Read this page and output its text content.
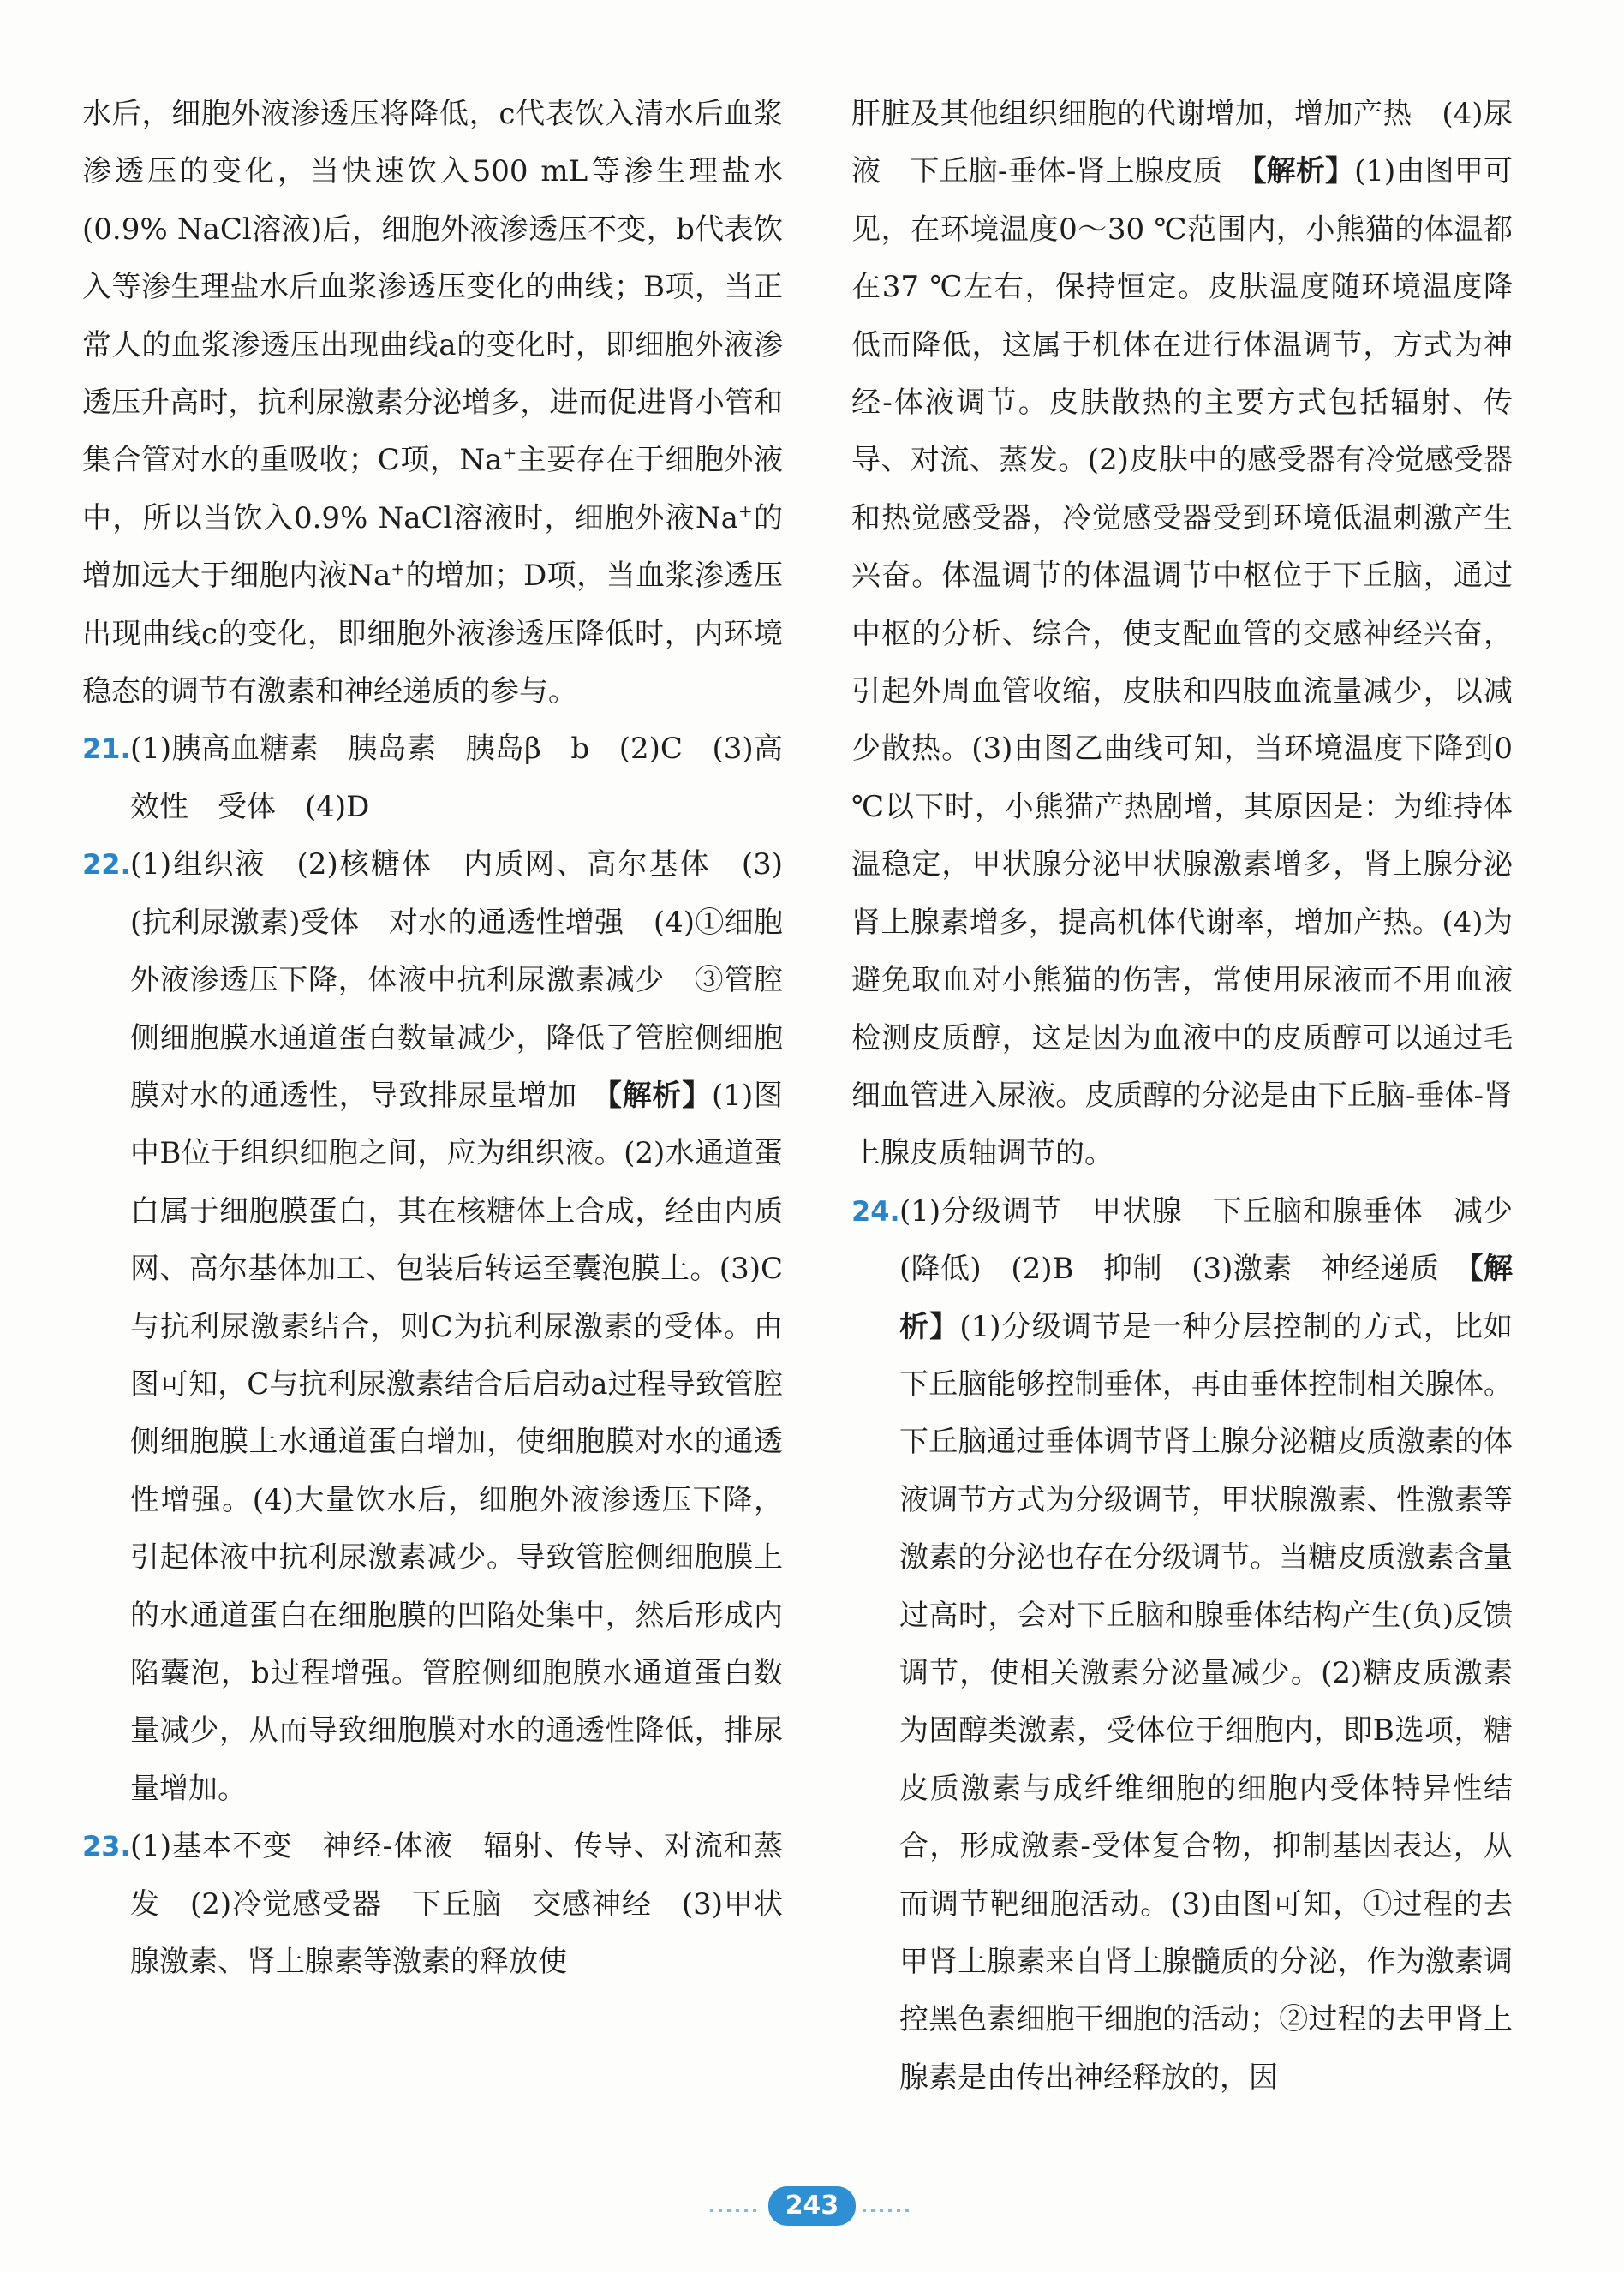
水后，细胞外液渗透压将降低，c代表饮入清水后血浆渗透压的变化，当快速饮入500 mL等渗生理盐水(0.9% NaCl溶液)后，细胞外液渗透压不变，b代表饮入等渗生理盐水后血浆渗透压变化的曲线；B项，当正常人的血浆渗透压出现曲线a的变化时，即细胞外液渗透压升高时，抗利尿激素分泌增多，进而促进肾小管和集合管对水的重吸收；C项，Na+主要存在于细胞外液中，所以当饮入0.9% NaCl溶液时，细胞外液Na+的增加远大于细胞内液Na+的增加；D项，当血浆渗透压出现曲线c的变化，即细胞外液渗透压降低时，内环境稳态的调节有激素和神经递质的参与。

21. (1)胰高血糖素　胰岛素　胰岛β　b　(2)C　(3)高效性　受体　(4)D

22. (1)组织液　(2)核糖体　内质网、高尔基体　(3)(抗利尿激素)受体　对水的通透性增强　(4)①细胞外液渗透压下降，体液中抗利尿激素减少　③管腔侧细胞膜水通道蛋白数量减少，降低了管腔侧细胞膜对水的通透性，导致排尿量增加　【解析】(1)图中B位于组织细胞之间，应为组织液。(2)水通道蛋白属于细胞膜蛋白，其在核糖体上合成，经由内质网、高尔基体加工、包装后转运至囊泡膜上。(3)C与抗利尿激素结合，则C为抗利尿激素的受体。由图可知，C与抗利尿激素结合后启动a过程导致管腔侧细胞膜上水通道蛋白增加，使细胞膜对水的通透性增强。(4)大量饮水后，细胞外液渗透压下降，引起体液中抗利尿激素减少。导致管腔侧细胞膜上的水通道蛋白在细胞膜的凹陷处集中，然后形成内陷囊泡，b过程增强。管腔侧细胞膜水通道蛋白数量减少，从而导致细胞膜对水的通透性降低，排尿量增加。

23. (1)基本不变　神经-体液　辐射、传导、对流和蒸发　(2)冷觉感受器　下丘脑　交感神经　(3)甲状腺激素、肾上腺素等激素的释放使

肝脏及其他组织细胞的代谢增加，增加产热　(4)尿液　下丘脑-垂体-肾上腺皮质　【解析】(1)由图甲可见，在环境温度0～30 ℃范围内，小熊猫的体温都在37 ℃左右，保持恒定。皮肤温度随环境温度降低而降低，这属于机体在进行体温调节，方式为神经-体液调节。皮肤散热的主要方式包括辐射、传导、对流、蒸发。(2)皮肤中的感受器有冷觉感受器和热觉感受器，冷觉感受器受到环境低温刺激产生兴奋。体温调节的体温调节中枢位于下丘脑，通过中枢的分析、综合，使支配血管的交感神经兴奋，引起外周血管收缩，皮肤和四肢血流量减少，以减少散热。(3)由图乙曲线可知，当环境温度下降到0 ℃以下时，小熊猫产热剧增，其原因是：为维持体温稳定，甲状腺分泌甲状腺激素增多，肾上腺分泌肾上腺素增多，提高机体代谢率，增加产热。(4)为避免取血对小熊猫的伤害，常使用尿液而不用血液检测皮质醇，这是因为血液中的皮质醇可以通过毛细血管进入尿液。皮质醇的分泌是由下丘脑-垂体-肾上腺皮质轴调节的。

24. (1)分级调节　甲状腺　下丘脑和腺垂体　减少(降低)　(2)B　抑制　(3)激素　神经递质　【解析】(1)分级调节是一种分层控制的方式，比如下丘脑能够控制垂体，再由垂体控制相关腺体。下丘脑通过垂体调节肾上腺分泌糖皮质激素的体液调节方式为分级调节，甲状腺激素、性激素等激素的分泌也存在分级调节。当糖皮质激素含量过高时，会对下丘脑和腺垂体结构产生(负)反馈调节，使相关激素分泌量减少。(2)糖皮质激素为固醇类激素，受体位于细胞内，即B选项，糖皮质激素与成纤维细胞的细胞内受体特异性结合，形成激素-受体复合物，抑制基因表达，从而调节靶细胞活动。(3)由图可知，①过程的去甲肾上腺素来自肾上腺髓质的分泌，作为激素调控黑色素细胞干细胞的活动；②过程的去甲肾上腺素是由传出神经释放的，因

243
